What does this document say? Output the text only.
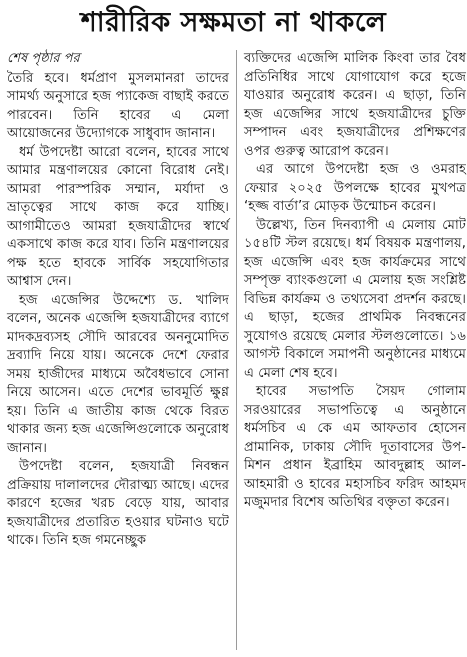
শারীরিক সক্ষমতা না থাকলে

শেষ পৃষ্ঠার পর

তৈরি হবে। ধর্মপ্রাণ মুসলমানরা তাদের সামর্থ্য অনুসারে হজ প্যাকেজ বাছাই করতে পারবেন। তিনি হাবের এ মেলা আয়োজনের উদ্যোগকে সাধুবাদ জানান।

ধর্ম উপদেষ্টা আরো বলেন, হাবের সাথে আমার মন্ত্রণালয়ের কোনো বিরোধ নেই। আমরা পারস্পরিক সম্মান, মর্যাদা ও ভ্রাতৃত্বের সাথে কাজ করে যাচ্ছি। আগামীতেও আমরা হজযাত্রীদের স্বার্থে একসাথে কাজ করে যাব। তিনি মন্ত্রণালয়ের পক্ষ হতে হাবকে সার্বিক সহযোগিতার আশ্বাস দেন।

হজ এজেন্সির উদ্দেশ্যে ড. খালিদ বলেন, অনেক এজেন্সি হজযাত্রীদের ব্যাগে মাদকদ্রব্যসহ সৌদি আরবের অননুমোদিত দ্রব্যাদি নিয়ে যায়। অনেকে দেশে ফেরার সময় হাজীদের মাধ্যমে অবৈধভাবে সোনা নিয়ে আসেন। এতে দেশের ভাবমূর্তি ক্ষুণ্ণ হয়। তিনি এ জাতীয় কাজ থেকে বিরত থাকার জন্য হজ এজেন্সিগুলোকে অনুরোধ জানান।

উপদেষ্টা বলেন, হজযাত্রী নিবন্ধন প্রক্রিয়ায় দালালদের দৌরাত্ম্য আছে। এদের কারণে হজের খরচ বেড়ে যায়, আবার হজযাত্রীদের প্রতারিত হওয়ার ঘটনাও ঘটে থাকে। তিনি হজ গমনেচ্ছুক

ব্যক্তিদের এজেন্সি মালিক কিংবা তার বৈধ প্রতিনিধির সাথে যোগাযোগ করে হজে যাওয়ার অনুরোধ করেন। এ ছাড়া, তিনি হজ এজেন্সির সাথে হজযাত্রীদের চুক্তি সম্পাদন এবং হজযাত্রীদের প্রশিক্ষণের ওপর গুরুত্ব আরোপ করেন।

এর আগে উপদেষ্টা হজ ও ওমরাহ ফেয়ার ২০২৫ উপলক্ষে হাবের মুখপত্র ‘হজ্জ বার্তা’র মোড়ক উন্মোচন করেন।

উল্লেখ্য, তিন দিনব্যাপী এ মেলায় মোট ১৫৪টি স্টল রয়েছে। ধর্ম বিষয়ক মন্ত্রণালয়, হজ এজেন্সি এবং হজ কার্যক্রমের সাথে সম্পৃক্ত ব্যাংকগুলো এ মেলায় হজ সংশ্লিষ্ট বিভিন্ন কার্যক্রম ও তথ্যসেবা প্রদর্শন করছে। এ ছাড়া, হজের প্রাথমিক নিবন্ধনের সুযোগও রয়েছে মেলার স্টলগুলোতে। ১৬ আগস্ট বিকালে সমাপনী অনুষ্ঠানের মাধ্যমে এ মেলা শেষ হবে।

হাবের সভাপতি সৈয়দ গোলাম সরওয়ারের সভাপতিত্বে এ অনুষ্ঠানে ধর্মসচিব এ কে এম আফতাব হোসেন প্রামানিক, ঢাকায় সৌদি দূতাবাসের উপ-মিশন প্রধান ইব্রাহিম আবদুল্লাহ আল-আহমারী ও হাবের মহাসচিব ফরিদ আহমদ মজুমদার বিশেষ অতিথির বক্তৃতা করেন।
